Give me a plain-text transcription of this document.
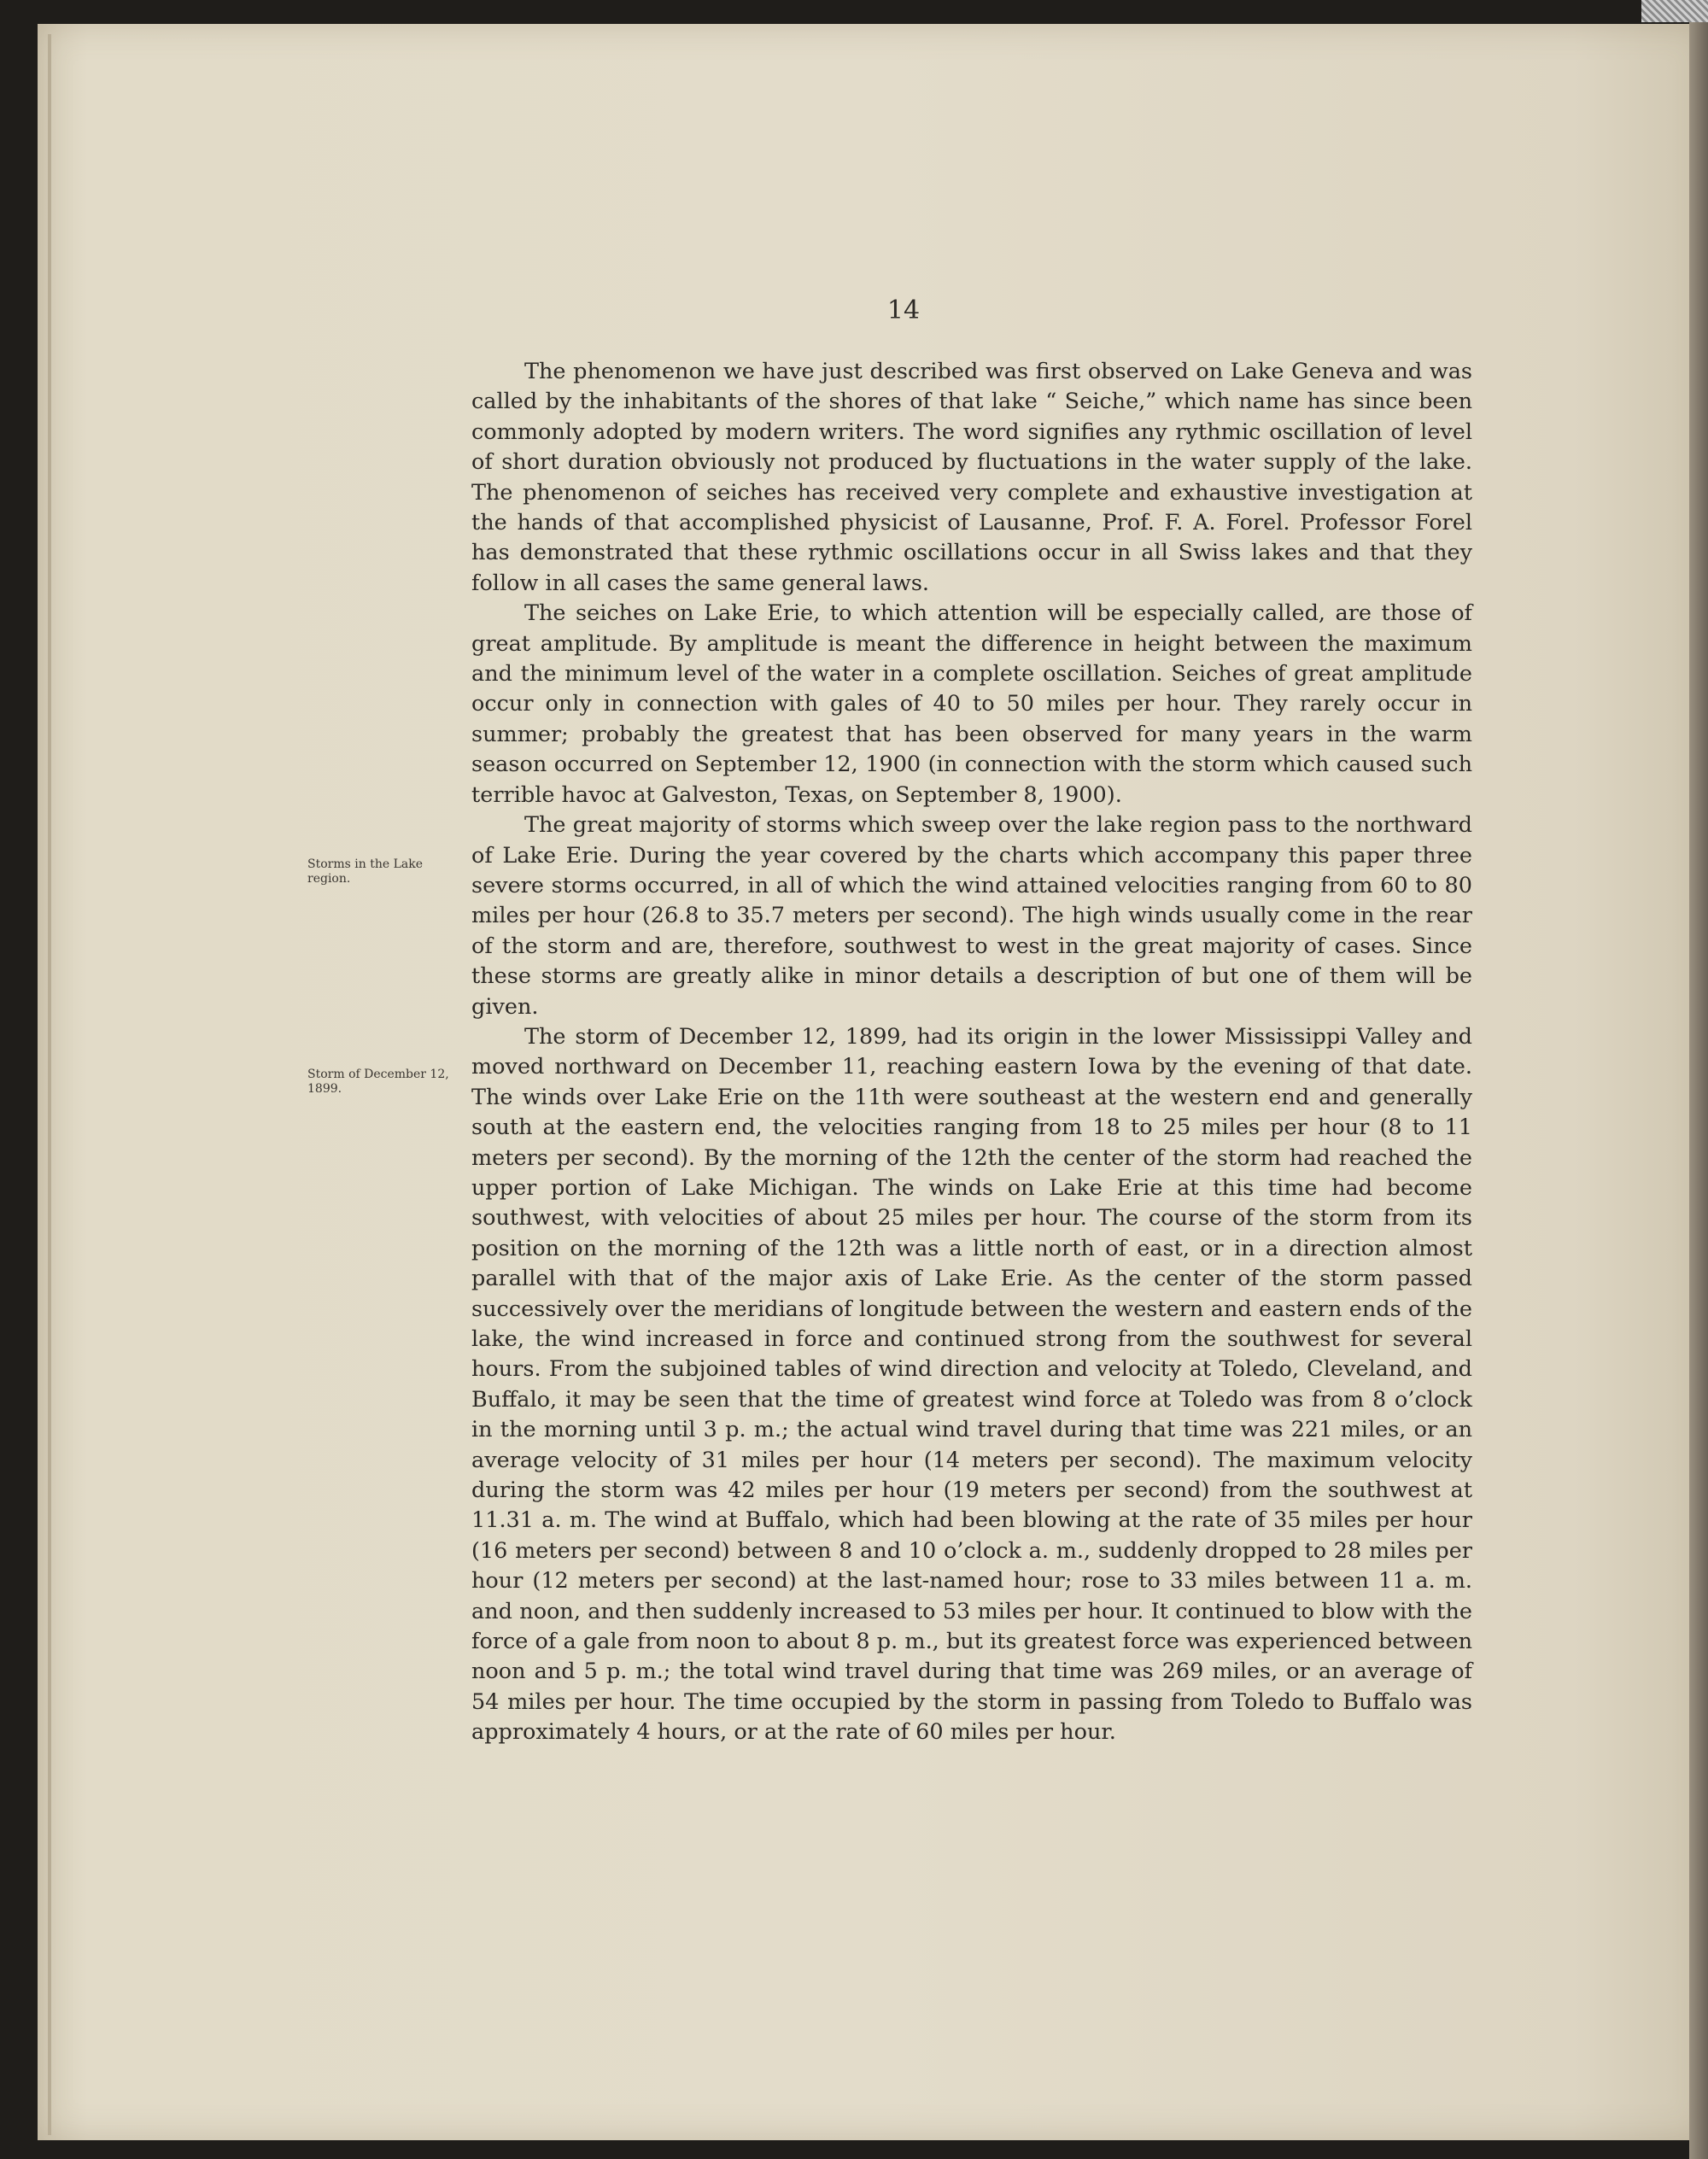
14
Storms in the Lake region.
Storm of December 12, 1899.

The phenomenon we have just described was first observed on Lake Geneva and was called by the inhabitants of the shores of that lake “ Seiche,” which name has since been commonly adopted by modern writers. The word signifies any rythmic oscillation of level of short duration obviously not produced by fluctuations in the water supply of the lake. The phenomenon of seiches has received very complete and exhaustive investigation at the hands of that accomplished physicist of Lausanne, Prof. F. A. Forel. Professor Forel has demonstrated that these rythmic oscillations occur in all Swiss lakes and that they follow in all cases the same general laws.

The seiches on Lake Erie, to which attention will be especially called, are those of great amplitude. By amplitude is meant the difference in height between the maximum and the minimum level of the water in a complete oscillation. Seiches of great amplitude occur only in connection with gales of 40 to 50 miles per hour. They rarely occur in summer; probably the greatest that has been observed for many years in the warm season occurred on September 12, 1900 (in connection with the storm which caused such terrible havoc at Galveston, Texas, on September 8, 1900).

The great majority of storms which sweep over the lake region pass to the northward of Lake Erie. During the year covered by the charts which accompany this paper three severe storms occurred, in all of which the wind attained velocities ranging from 60 to 80 miles per hour (26.8 to 35.7 meters per second). The high winds usually come in the rear of the storm and are, therefore, southwest to west in the great majority of cases. Since these storms are greatly alike in minor details a description of but one of them will be given.

The storm of December 12, 1899, had its origin in the lower Mississippi Valley and moved northward on December 11, reaching eastern Iowa by the evening of that date. The winds over Lake Erie on the 11th were southeast at the western end and generally south at the eastern end, the velocities ranging from 18 to 25 miles per hour (8 to 11 meters per second). By the morning of the 12th the center of the storm had reached the upper portion of Lake Michigan. The winds on Lake Erie at this time had become southwest, with velocities of about 25 miles per hour. The course of the storm from its position on the morning of the 12th was a little north of east, or in a direction almost parallel with that of the major axis of Lake Erie. As the center of the storm passed successively over the meridians of longitude between the western and eastern ends of the lake, the wind increased in force and continued strong from the southwest for several hours. From the subjoined tables of wind direction and velocity at Toledo, Cleveland, and Buffalo, it may be seen that the time of greatest wind force at Toledo was from 8 o’clock in the morning until 3 p. m.; the actual wind travel during that time was 221 miles, or an average velocity of 31 miles per hour (14 meters per second). The maximum velocity during the storm was 42 miles per hour (19 meters per second) from the southwest at 11.31 a. m. The wind at Buffalo, which had been blowing at the rate of 35 miles per hour (16 meters per second) between 8 and 10 o’clock a. m., suddenly dropped to 28 miles per hour (12 meters per second) at the last-named hour; rose to 33 miles between 11 a. m. and noon, and then suddenly increased to 53 miles per hour. It continued to blow with the force of a gale from noon to about 8 p. m., but its greatest force was experienced between noon and 5 p. m.; the total wind travel during that time was 269 miles, or an average of 54 miles per hour. The time occupied by the storm in passing from Toledo to Buffalo was approximately 4 hours, or at the rate of 60 miles per hour.
